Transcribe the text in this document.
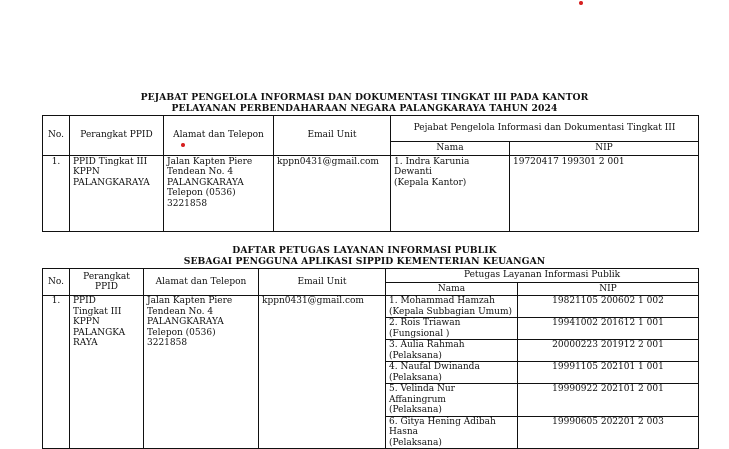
PEJABAT PENGELOLA INFORMASI DAN DOKUMENTASI TINGKAT III PADA KANTOR
PELAYANAN PERBENDAHARAAN NEGARA PALANGKARAYA TAHUN 2024
No.	Perangkat PPID	Alamat dan Telepon	Email Unit	Pejabat Pengelola Informasi dan Dokumentasi Tingkat III	
				Nama	NIP
1.	PPID Tingkat III
KPPN
PALANGKARAYA	Jalan Kapten Piere
Tendean No. 4
PALANGKARAYA
Telepon (0536)
3221858	kppn0431@gmail.com	1. Indra Karunia
Dewanti
(Kepala Kantor)	19720417 199301 2 001
DAFTAR PETUGAS LAYANAN INFORMASI PUBLIK
SEBAGAI PENGGUNA APLIKASI SIPPID KEMENTERIAN KEUANGAN
No.	Perangkat PPID	Alamat dan Telepon	Email Unit	Petugas Layanan Informasi Publik	
				Nama	NIP
1.	PPID
Tingkat III
KPPN
PALANGKA
RAYA	Jalan Kapten Piere
Tendean No. 4
PALANGKARAYA
Telepon (0536)
3221858	kppn0431@gmail.com	1. Mohammad Hamzah
(Kepala Subbagian Umum)	19821105 200602 1 002
				2. Rois Triawan (Fungsional )	19941002 201612 1 001
				3. Aulia Rahmah (Pelaksana)	20000223 201912 2 001
				4. Naufal Dwinanda
(Pelaksana)	19991105 202101 1 001
				5. Velinda Nur Affaningrum
(Pelaksana)	19990922 202101 2 001
				6. Gitya Hening Adibah Hasna
(Pelaksana)	19990605 202201 2 003
